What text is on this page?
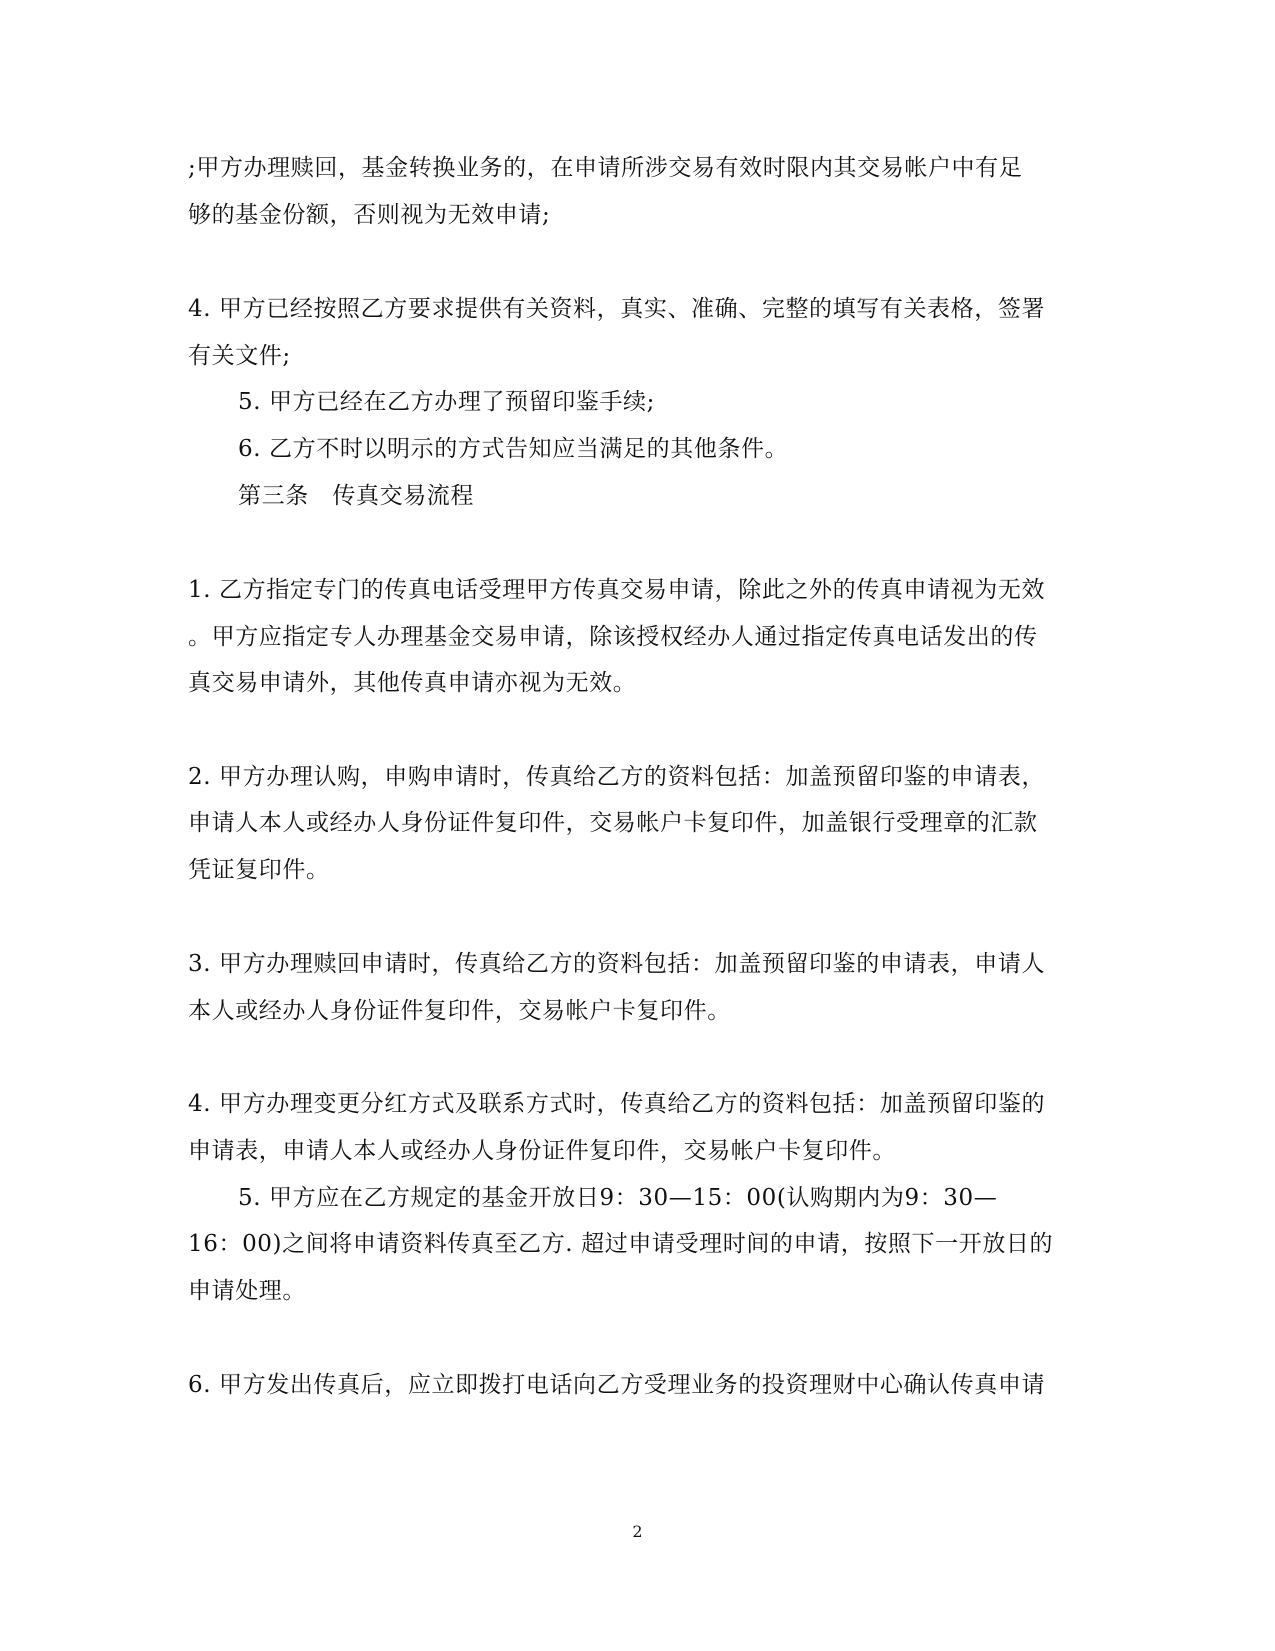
;甲方办理赎回，基金转换业务的，在申请所涉交易有效时限内其交易帐户中有足
够的基金份额，否则视为无效申请;
4. 甲方已经按照乙方要求提供有关资料，真实、准确、完整的填写有关表格，签署
有关文件;
5. 甲方已经在乙方办理了预留印鉴手续;
6. 乙方不时以明示的方式告知应当满足的其他条件。
第三条　传真交易流程
1. 乙方指定专门的传真电话受理甲方传真交易申请，除此之外的传真申请视为无效
。甲方应指定专人办理基金交易申请，除该授权经办人通过指定传真电话发出的传
真交易申请外，其他传真申请亦视为无效。
2. 甲方办理认购，申购申请时，传真给乙方的资料包括：加盖预留印鉴的申请表，
申请人本人或经办人身份证件复印件，交易帐户卡复印件，加盖银行受理章的汇款
凭证复印件。
3. 甲方办理赎回申请时，传真给乙方的资料包括：加盖预留印鉴的申请表，申请人
本人或经办人身份证件复印件，交易帐户卡复印件。
4. 甲方办理变更分红方式及联系方式时，传真给乙方的资料包括：加盖预留印鉴的
申请表，申请人本人或经办人身份证件复印件，交易帐户卡复印件。
5. 甲方应在乙方规定的基金开放日9：30—15：00(认购期内为9：30—
16：00)之间将申请资料传真至乙方. 超过申请受理时间的申请，按照下一开放日的
申请处理。
6. 甲方发出传真后，应立即拨打电话向乙方受理业务的投资理财中心确认传真申请
2
